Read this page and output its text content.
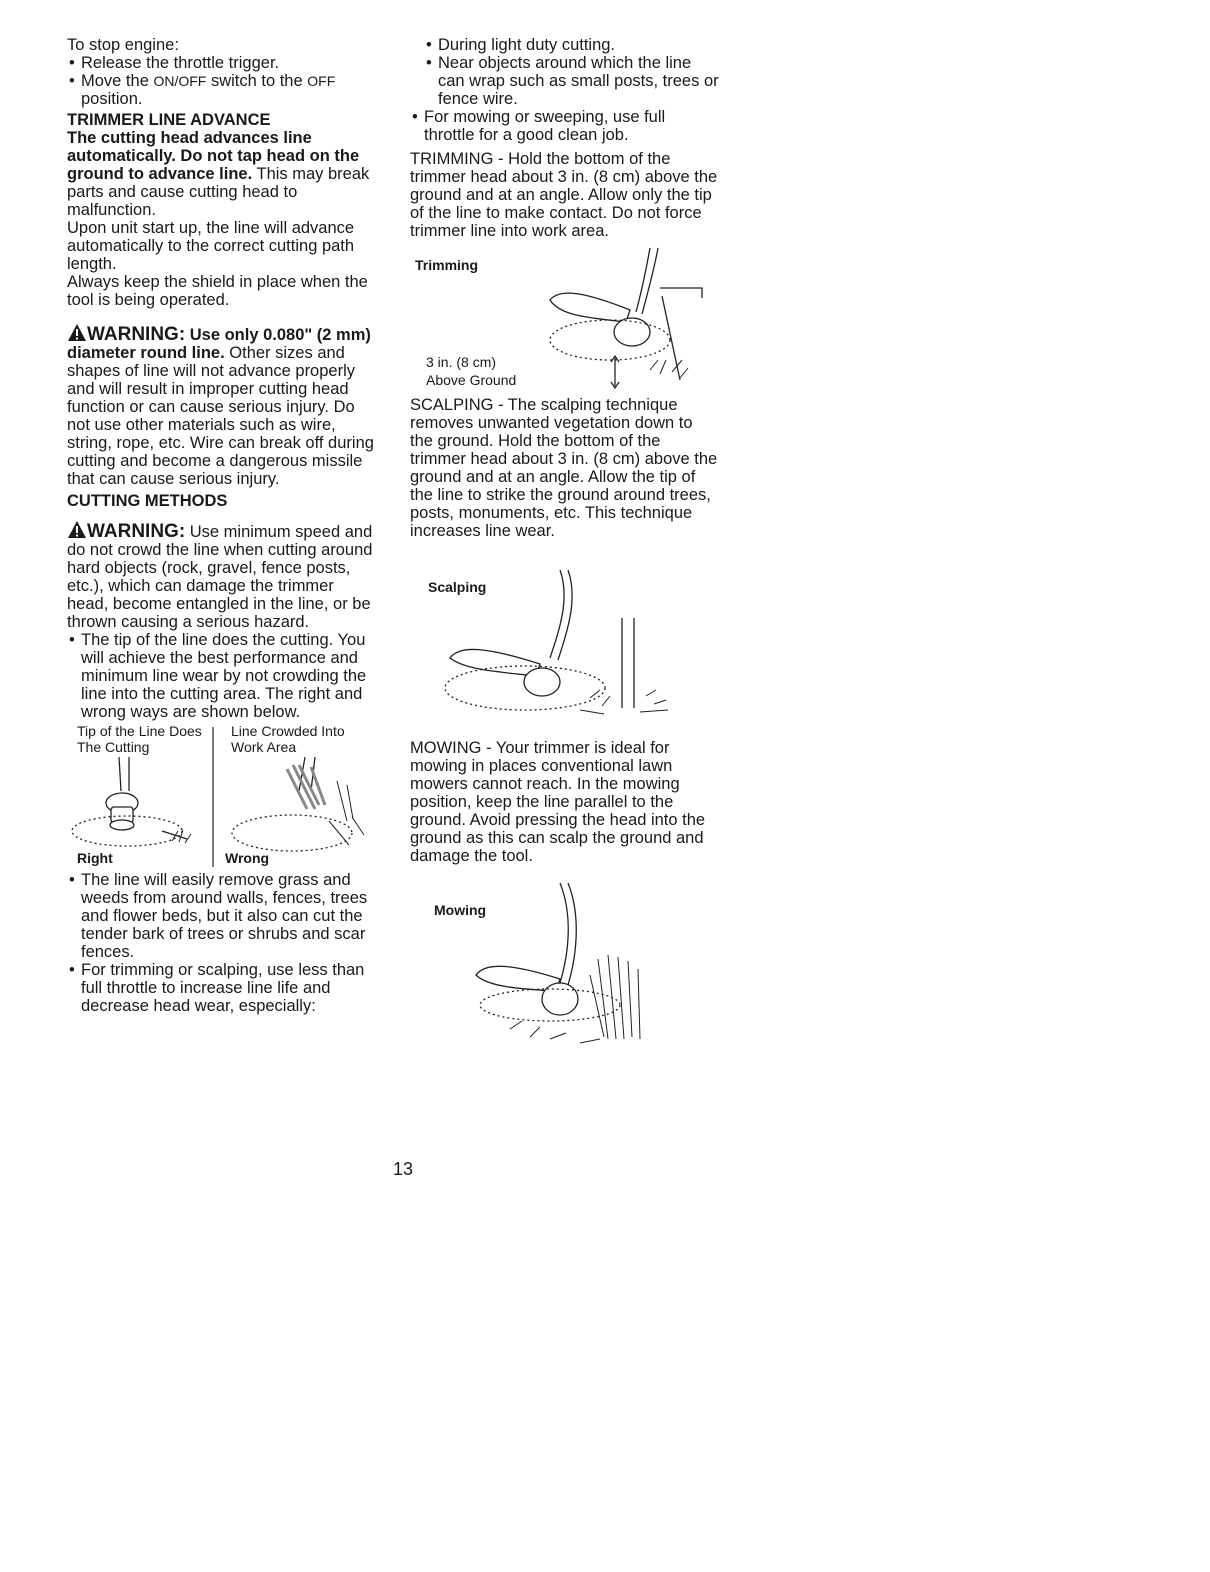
To stop engine:

• Release the throttle trigger.
• Move the ON/OFF switch to the OFF position.

TRIMMER LINE ADVANCE

The cutting head advances line automatically. Do not tap head on the ground to advance line. This may break parts and cause cutting head to malfunction.

Upon unit start up, the line will advance automatically to the correct cutting path length.

Always keep the shield in place when the tool is being operated.

WARNING: Use only 0.080" (2 mm) diameter round line. Other sizes and shapes of line will not advance properly and will result in improper cutting head function or can cause serious injury. Do not use other materials such as wire, string, rope, etc. Wire can break off during cutting and become a dangerous missile that can cause serious injury.

CUTTING METHODS

WARNING: Use minimum speed and do not crowd the line when cutting around hard objects (rock, gravel, fence posts, etc.), which can damage the trimmer head, become entangled in the line, or be thrown causing a serious hazard.

• The tip of the line does the cutting. You will achieve the best performance and minimum line wear by not crowding the line into the cutting area. The right and wrong ways are shown below.
Tip of the Line Does The Cutting
Line Crowded Into Work Area
Right	Wrong
• The line will easily remove grass and weeds from around walls, fences, trees and flower beds, but it also can cut the tender bark of trees or shrubs and scar fences.
• For trimming or scalping, use less than full throttle to increase line life and decrease head wear, especially:
• During light duty cutting.
• Near objects around which the line can wrap such as small posts, trees or fence wire.
• For mowing or sweeping, use full throttle for a good clean job.

TRIMMING - Hold the bottom of the trimmer head about 3 in. (8 cm) above the ground and at an angle. Allow only the tip of the line to make contact. Do not force trimmer line into work area.

Trimming
3 in. (8 cm)
Above Ground

SCALPING - The scalping technique removes unwanted vegetation down to the ground. Hold the bottom of the trimmer head about 3 in. (8 cm) above the ground and at an angle. Allow the tip of the line to strike the ground around trees, posts, monuments, etc. This technique increases line wear.

Scalping

MOWING - Your trimmer is ideal for mowing in places conventional lawn mowers cannot reach. In the mowing position, keep the line parallel to the ground. Avoid pressing the head into the ground as this can scalp the ground and damage the tool.

Mowing
13
